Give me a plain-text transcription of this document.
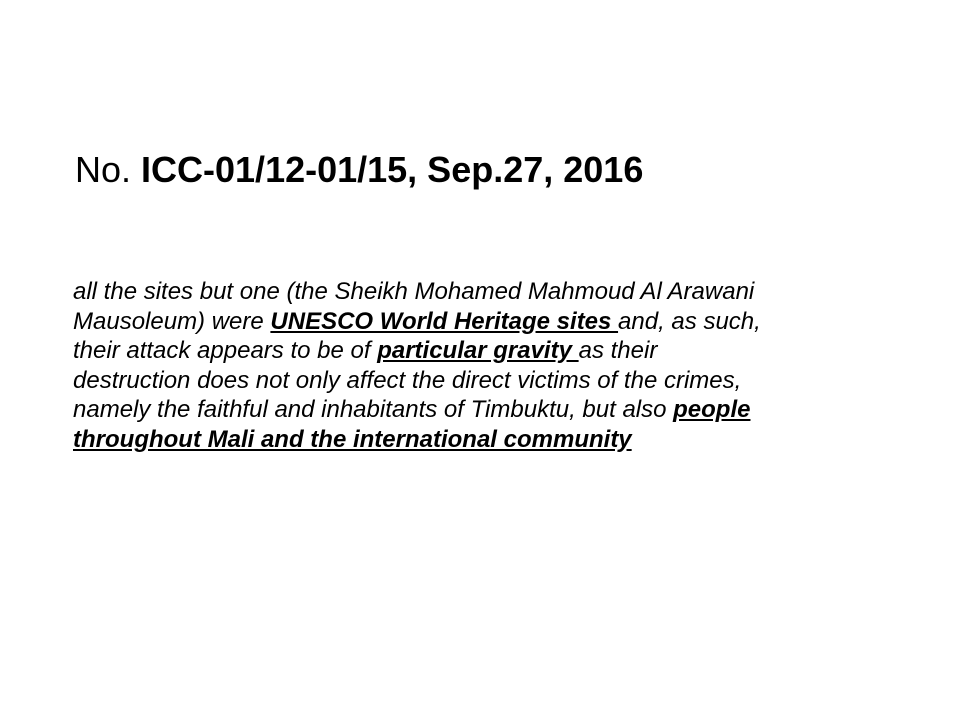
No. ICC-01/12-01/15, Sep.27, 2016

all the sites but one (the Sheikh Mohamed Mahmoud Al Arawani
Mausoleum) were UNESCO World Heritage sites and, as such,
their attack appears to be of particular gravity as their
destruction does not only affect the direct victims of the crimes,
namely the faithful and inhabitants of Timbuktu, but also people
throughout Mali and the international community
